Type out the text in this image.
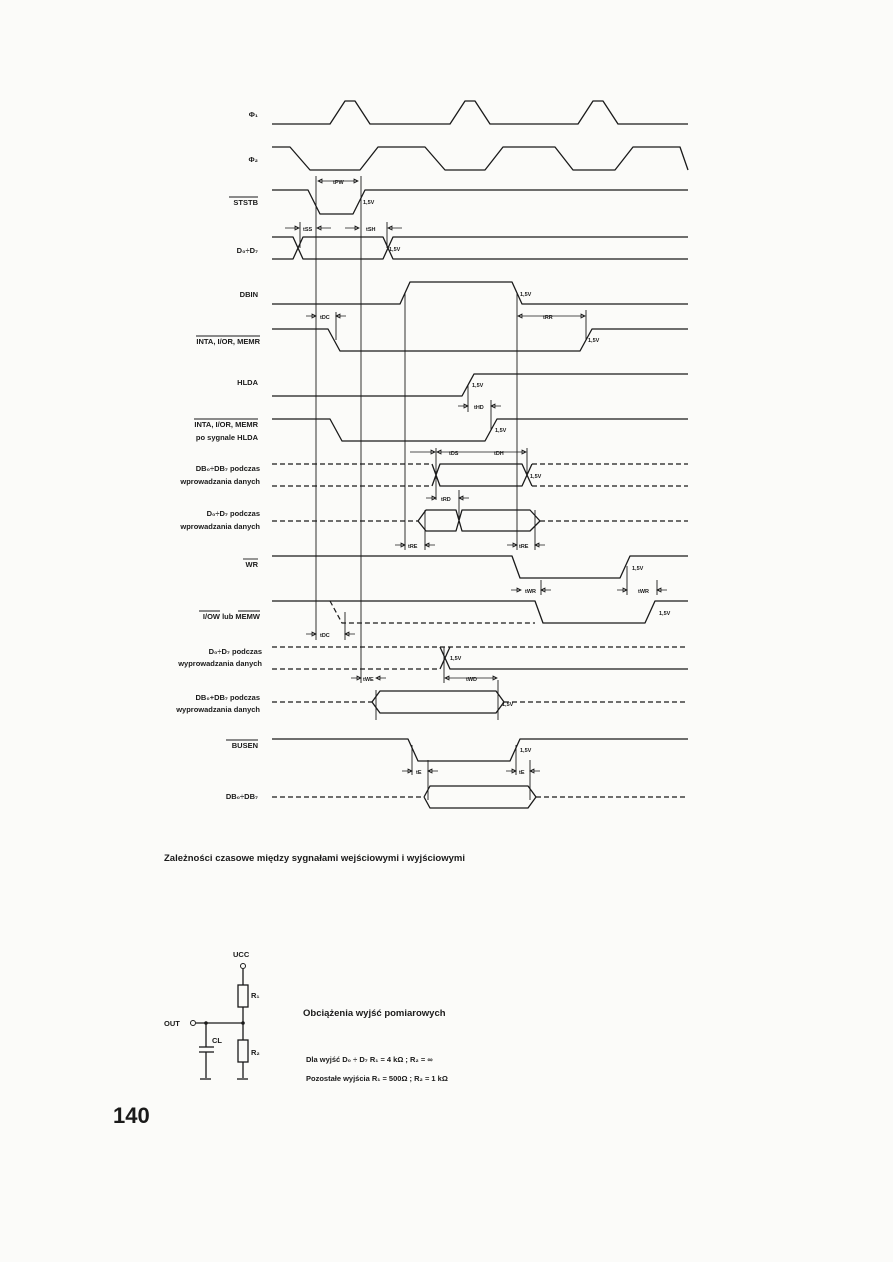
Φ₁
Φ₂
STSTB
D₀÷D₇
DBIN
INTA, I/OR, MEMR
HLDA
INTA, I/OR, MEMR
po sygnale HLDA
DB₀÷DB₇ podczas
wprowadzania danych
D₀÷D₇ podczas
wprowadzania danych
WR
I/OW lub MEMW
D₀÷D₇ podczas
wyprowadzania danych
DB₀+DB₇ podczas
wyprowadzania danych
BUSEN
DB₀÷DB₇
tPW
tSS	tSH
tDC	tRR
tHD
tDS	tDH
tRD
tRE	tRE
tWR	tWR
tDC
tWE	tWD
tE	tE
1,5V
1,5V
1,5V
1,5V
1,5V
1,5V
1,5V
1,5V
1,5V
1,5V
1,5V
1,5V
UCC
R₁
R₂
OUT
CL
Zależności czasowe między sygnałami wejściowymi i wyjściowymi
Obciążenia wyjść pomiarowych
Dla wyjść D₀ ÷ D₇ R₁ = 4 kΩ ; R₂ = ∞
Pozostałe wyjścia R₁ = 500Ω ; R₂ = 1 kΩ
140
